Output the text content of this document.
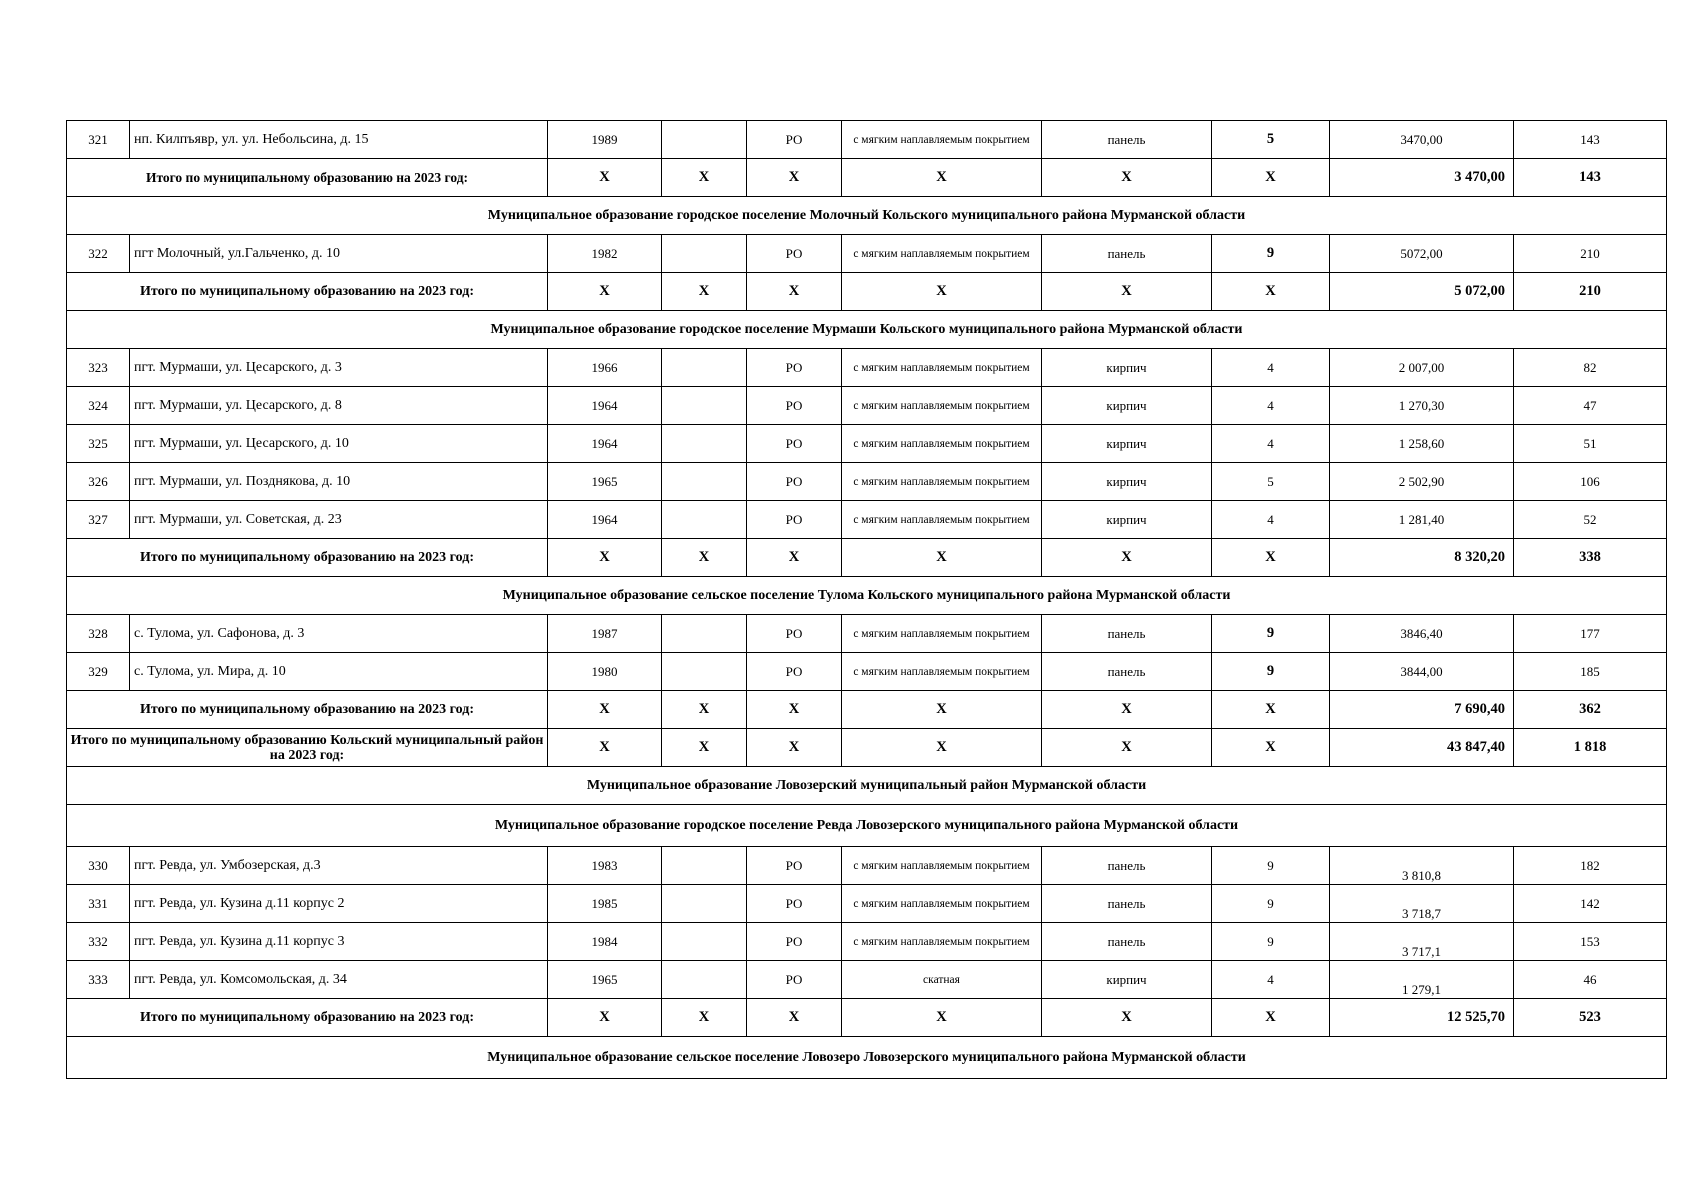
321	нп. Килпъявр, ул. ул. Небольсина, д. 15	1989		РО	с мягким наплавляемым покрытием	панель	5	3470,00	143
Итого по муниципальному образованию на 2023 год:		X	X	X	X	X	X	3 470,00	143
Муниципальное образование городское поселение Молочный Кольского муниципального района Мурманской области									
322	пгт Молочный, ул.Гальченко, д. 10	1982		РО	с мягким наплавляемым покрытием	панель	9	5072,00	210
Итого по муниципальному образованию на 2023 год:		X	X	X	X	X	X	5 072,00	210
Муниципальное образование городское поселение Мурмаши Кольского муниципального района Мурманской области									
323	пгт. Мурмаши, ул. Цесарского, д. 3	1966		РО	с мягким наплавляемым покрытием	кирпич	4	2 007,00	82
324	пгт. Мурмаши, ул. Цесарского, д. 8	1964		РО	с мягким наплавляемым покрытием	кирпич	4	1 270,30	47
325	пгт. Мурмаши, ул. Цесарского, д. 10	1964		РО	с мягким наплавляемым покрытием	кирпич	4	1 258,60	51
326	пгт. Мурмаши, ул. Позднякова, д. 10	1965		РО	с мягким наплавляемым покрытием	кирпич	5	2 502,90	106
327	пгт. Мурмаши, ул. Советская, д. 23	1964		РО	с мягким наплавляемым покрытием	кирпич	4	1 281,40	52
Итого по муниципальному образованию на 2023 год:		X	X	X	X	X	X	8 320,20	338
Муниципальное образование сельское поселение Тулома Кольского муниципального района Мурманской области									
328	с. Тулома, ул. Сафонова, д. 3	1987		РО	с мягким наплавляемым покрытием	панель	9	3846,40	177
329	с. Тулома, ул. Мира, д. 10	1980		РО	с мягким наплавляемым покрытием	панель	9	3844,00	185
Итого по муниципальному образованию на 2023 год:		X	X	X	X	X	X	7 690,40	362
Итого по муниципальному образованию Кольский муниципальный район на 2023 год:		X	X	X	X	X	X	43 847,40	1 818
Муниципальное образование Ловозерский муниципальный район Мурманской области									
Муниципальное образование городское поселение Ревда Ловозерского муниципального района Мурманской области									
330	пгт. Ревда, ул. Умбозерская, д.3	1983		РО	с мягким наплавляемым покрытием	панель	9	3 810,8	182
331	пгт. Ревда, ул. Кузина д.11 корпус 2	1985		РО	с мягким наплавляемым покрытием	панель	9	3 718,7	142
332	пгт. Ревда, ул. Кузина д.11 корпус 3	1984		РО	с мягким наплавляемым покрытием	панель	9	3 717,1	153
333	пгт. Ревда, ул. Комсомольская, д. 34	1965		РО	скатная	кирпич	4	1 279,1	46
Итого по муниципальному образованию на 2023 год:		X	X	X	X	X	X	12 525,70	523
Муниципальное образование сельское поселение Ловозеро Ловозерского муниципального района Мурманской области									
